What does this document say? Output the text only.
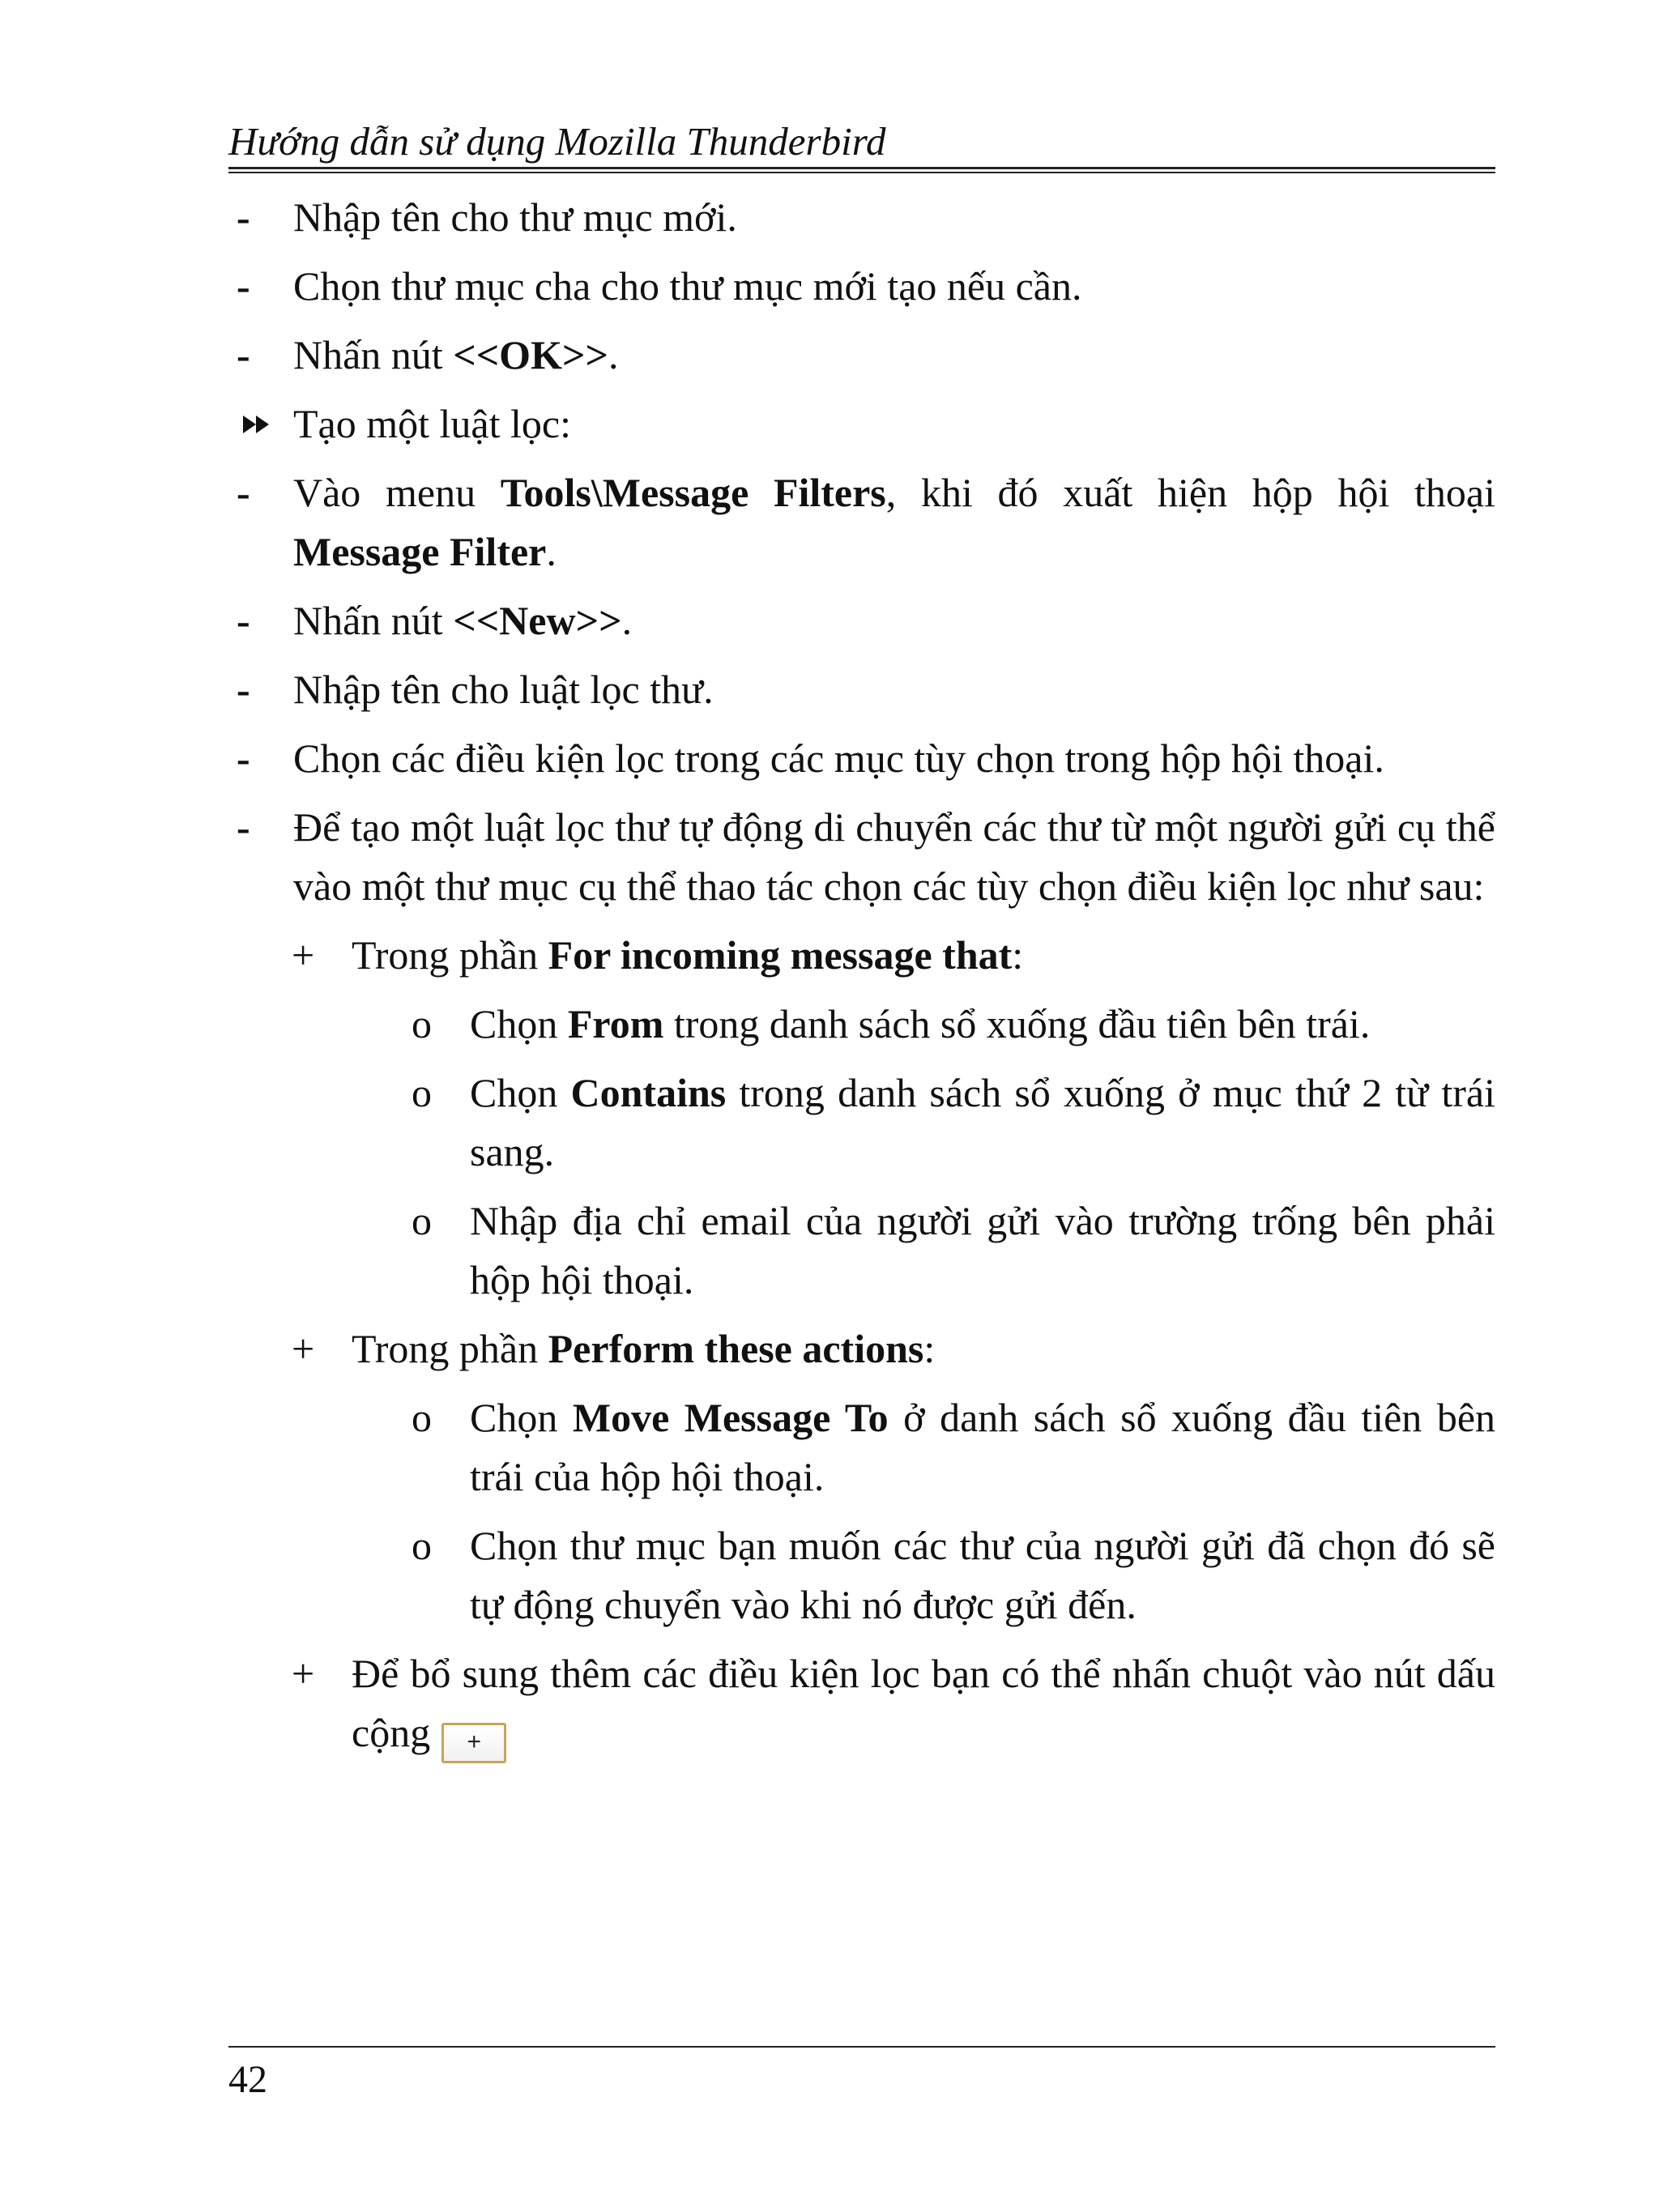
Hướng dẫn sử dụng Mozilla Thunderbird
- Nhập tên cho thư mục mới.
- Chọn thư mục cha cho thư mục mới tạo nếu cần.
- Nhấn nút <<OK>>.
Tạo một luật lọc:
- Vào menu Tools\Message Filters, khi đó xuất hiện hộp hội thoại Message Filter.
- Nhấn nút <<New>>.
- Nhập tên cho luật lọc thư.
- Chọn các điều kiện lọc trong các mục tùy chọn trong hộp hội thoại.
- Để tạo một luật lọc thư tự động di chuyển các thư từ một người gửi cụ thể vào một thư mục cụ thể thao tác chọn các tùy chọn điều kiện lọc như sau:
+ Trong phần For incoming message that:
o Chọn From trong danh sách sổ xuống đầu tiên bên trái.
o Chọn Contains trong danh sách sổ xuống ở mục thứ 2 từ trái sang.
o Nhập địa chỉ email của người gửi vào trường trống bên phải hộp hội thoại.
+ Trong phần Perform these actions:
o Chọn Move Message To ở danh sách sổ xuống đầu tiên bên trái của hộp hội thoại.
o Chọn thư mục bạn muốn các thư của người gửi đã chọn đó sẽ tự động chuyển vào khi nó được gửi đến.
+ Để bổ sung thêm các điều kiện lọc bạn có thể nhấn chuột vào nút dấu cộng +
42
